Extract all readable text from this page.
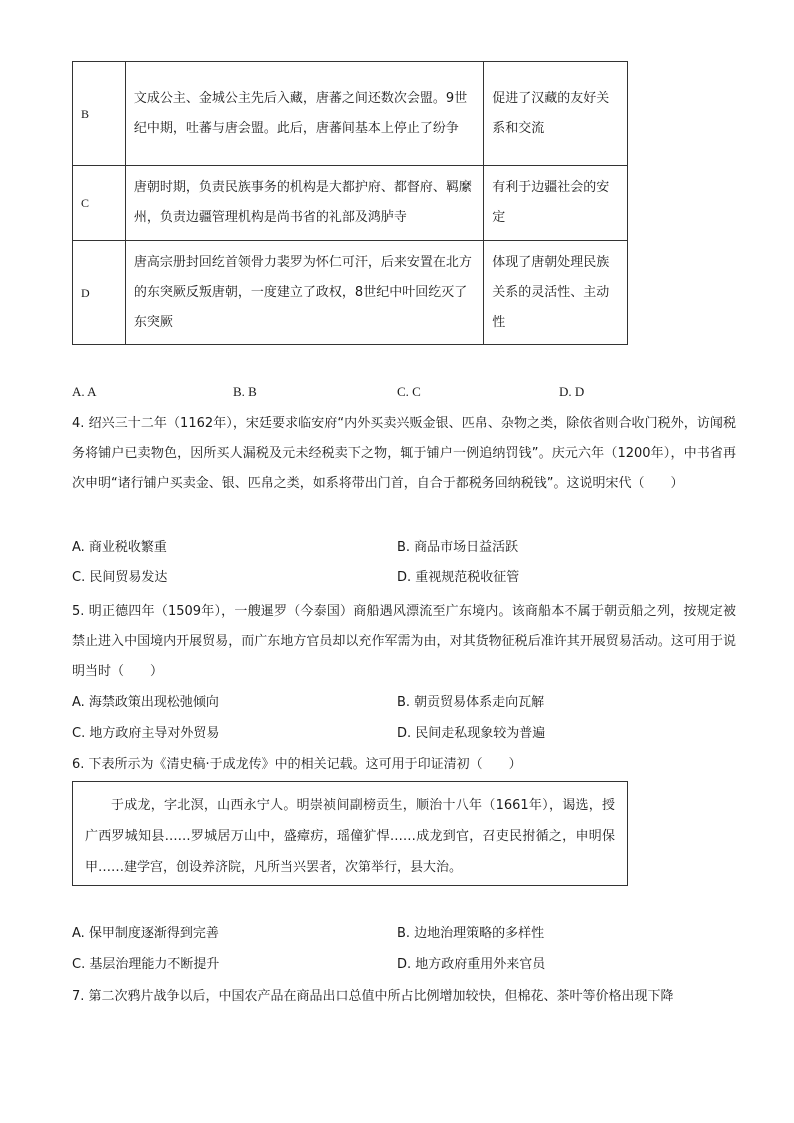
B	文成公主、金城公主先后入藏，唐蕃之间还数次会盟。9世纪中期，吐蕃与唐会盟。此后，唐蕃间基本上停止了纷争	促进了汉藏的友好关系和交流
C	唐朝时期，负责民族事务的机构是大都护府、都督府、羁縻州，负责边疆管理机构是尚书省的礼部及鸿胪寺	有利于边疆社会的安定
D	唐高宗册封回纥首领骨力裴罗为怀仁可汗，后来安置在北方的东突厥反叛唐朝，一度建立了政权，8世纪中叶回纥灭了东突厥	体现了唐朝处理民族关系的灵活性、主动性
A. A	B. B	C. C	D. D
4. 绍兴三十二年（1162年），宋廷要求临安府“内外买卖兴贩金银、匹帛、杂物之类，除依省则合收门税外，访闻税务将铺户已卖物色，因所买人漏税及元未经税卖下之物，辄于铺户一例追纳罚钱”。庆元六年（1200年），中书省再次申明“诸行铺户买卖金、银、匹帛之类，如系将带出门首，自合于都税务回纳税钱”。这说明宋代（　　）
A. 商业税收繁重	B. 商品市场日益活跃
C. 民间贸易发达	D. 重视规范税收征管
5. 明正德四年（1509年），一艘暹罗（今泰国）商船遇风漂流至广东境内。该商船本不属于朝贡船之列，按规定被禁止进入中国境内开展贸易，而广东地方官员却以充作军需为由，对其货物征税后准许其开展贸易活动。这可用于说明当时（　　）
A. 海禁政策出现松弛倾向	B. 朝贡贸易体系走向瓦解
C. 地方政府主导对外贸易	D. 民间走私现象较为普遍
6. 下表所示为《清史稿·于成龙传》中的相关记载。这可用于印证清初（　　）
于成龙，字北溟，山西永宁人。明崇祯间副榜贡生，顺治十八年（1661年），谒选，授广西罗城知县……罗城居万山中，盛瘴疠，瑶僮犷悍……成龙到官，召吏民拊循之，申明保甲……建学宫，创设养济院，凡所当兴罢者，次第举行，县大治。
A. 保甲制度逐渐得到完善	B. 边地治理策略的多样性
C. 基层治理能力不断提升	D. 地方政府重用外来官员
7. 第二次鸦片战争以后，中国农产品在商品出口总值中所占比例增加较快，但棉花、茶叶等价格出现下降
